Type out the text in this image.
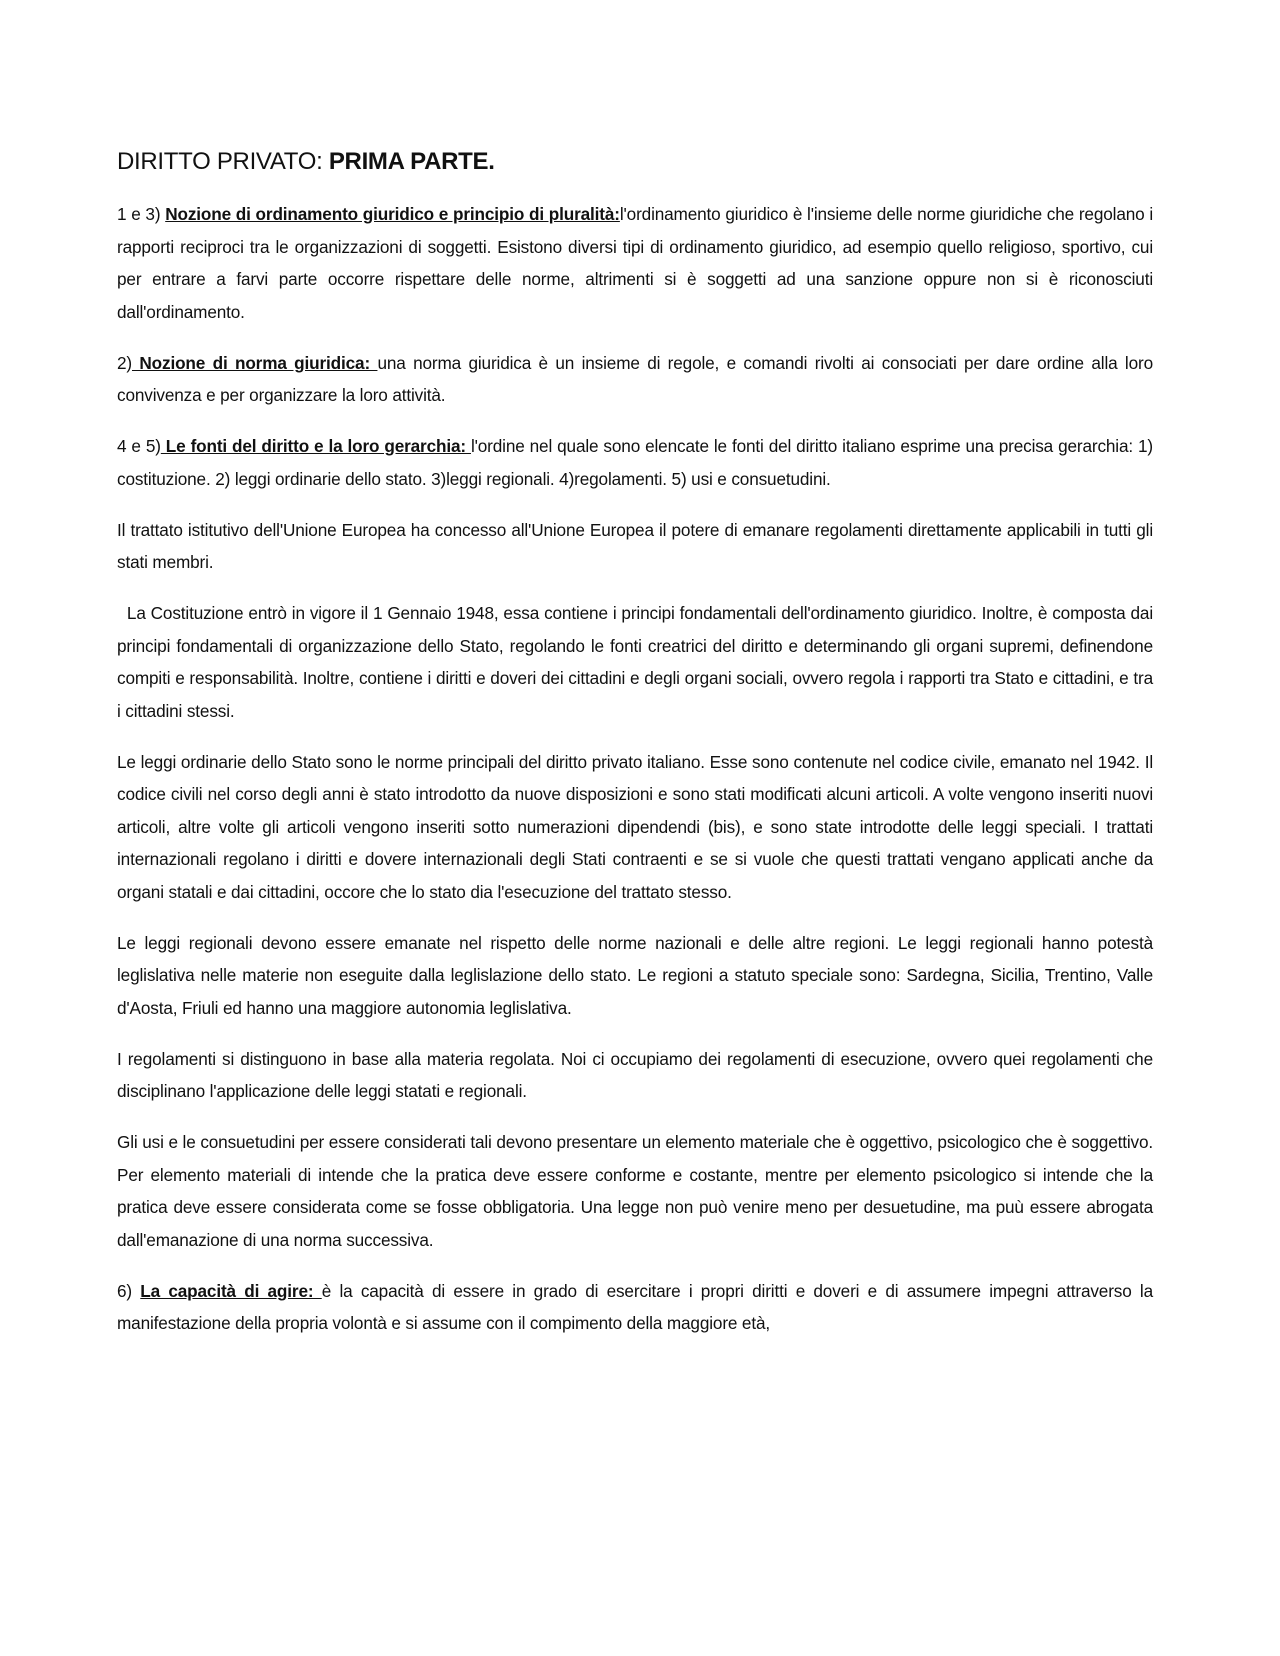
DIRITTO PRIVATO: PRIMA PARTE.

1 e 3) Nozione di ordinamento giuridico e principio di pluralità:l'ordinamento giuridico è l'insieme delle norme giuridiche che regolano i rapporti reciproci tra le organizzazioni di soggetti. Esistono diversi tipi di ordinamento giuridico, ad esempio quello religioso, sportivo, cui per entrare a farvi parte occorre rispettare delle norme, altrimenti si è soggetti ad una sanzione oppure non si è riconosciuti dall'ordinamento.

2) Nozione di norma giuridica: una norma giuridica è un insieme di regole, e comandi rivolti ai consociati per dare ordine alla loro convivenza e per organizzare la loro attività.

4 e 5) Le fonti del diritto e la loro gerarchia: l'ordine nel quale sono elencate le fonti del diritto italiano esprime una precisa gerarchia: 1) costituzione. 2) leggi ordinarie dello stato. 3)leggi regionali. 4)regolamenti. 5) usi e consuetudini.

Il trattato istitutivo dell'Unione Europea ha concesso all'Unione Europea il potere di emanare regolamenti direttamente applicabili in tutti gli stati membri.

La Costituzione entrò in vigore il 1 Gennaio 1948, essa contiene i principi fondamentali dell'ordinamento giuridico. Inoltre, è composta dai principi fondamentali di organizzazione dello Stato, regolando le fonti creatrici del diritto e determinando gli organi supremi, definendone compiti e responsabilità. Inoltre, contiene i diritti e doveri dei cittadini e degli organi sociali, ovvero regola i rapporti tra Stato e cittadini, e tra i cittadini stessi.

Le leggi ordinarie dello Stato sono le norme principali del diritto privato italiano. Esse sono contenute nel codice civile, emanato nel 1942. Il codice civili nel corso degli anni è stato introdotto da nuove disposizioni e sono stati modificati alcuni articoli. A volte vengono inseriti nuovi articoli, altre volte gli articoli vengono inseriti sotto numerazioni dipendendi (bis), e sono state introdotte delle leggi speciali. I trattati internazionali regolano i diritti e dovere internazionali degli Stati contraenti e se si vuole che questi trattati vengano applicati anche da organi statali e dai cittadini, occore che lo stato dia l'esecuzione del trattato stesso.

Le leggi regionali devono essere emanate nel rispetto delle norme nazionali e delle altre regioni. Le leggi regionali hanno potestà leglislativa nelle materie non eseguite dalla leglislazione dello stato. Le regioni a statuto speciale sono: Sardegna, Sicilia, Trentino, Valle d'Aosta, Friuli ed hanno una maggiore autonomia leglislativa.

I regolamenti si distinguono in base alla materia regolata. Noi ci occupiamo dei regolamenti di esecuzione, ovvero quei regolamenti che disciplinano l'applicazione delle leggi statati e regionali.

Gli usi e le consuetudini per essere considerati tali devono presentare un elemento materiale che è oggettivo, psicologico che è soggettivo. Per elemento materiali di intende che la pratica deve essere conforme e costante, mentre per elemento psicologico si intende che la pratica deve essere considerata come se fosse obbligatoria. Una legge non può venire meno per desuetudine, ma puù essere abrogata dall'emanazione di una norma successiva.

6) La capacità di agire: è la capacità di essere in grado di esercitare i propri diritti e doveri e di assumere impegni attraverso la manifestazione della propria volontà e si assume con il compimento della maggiore età,
